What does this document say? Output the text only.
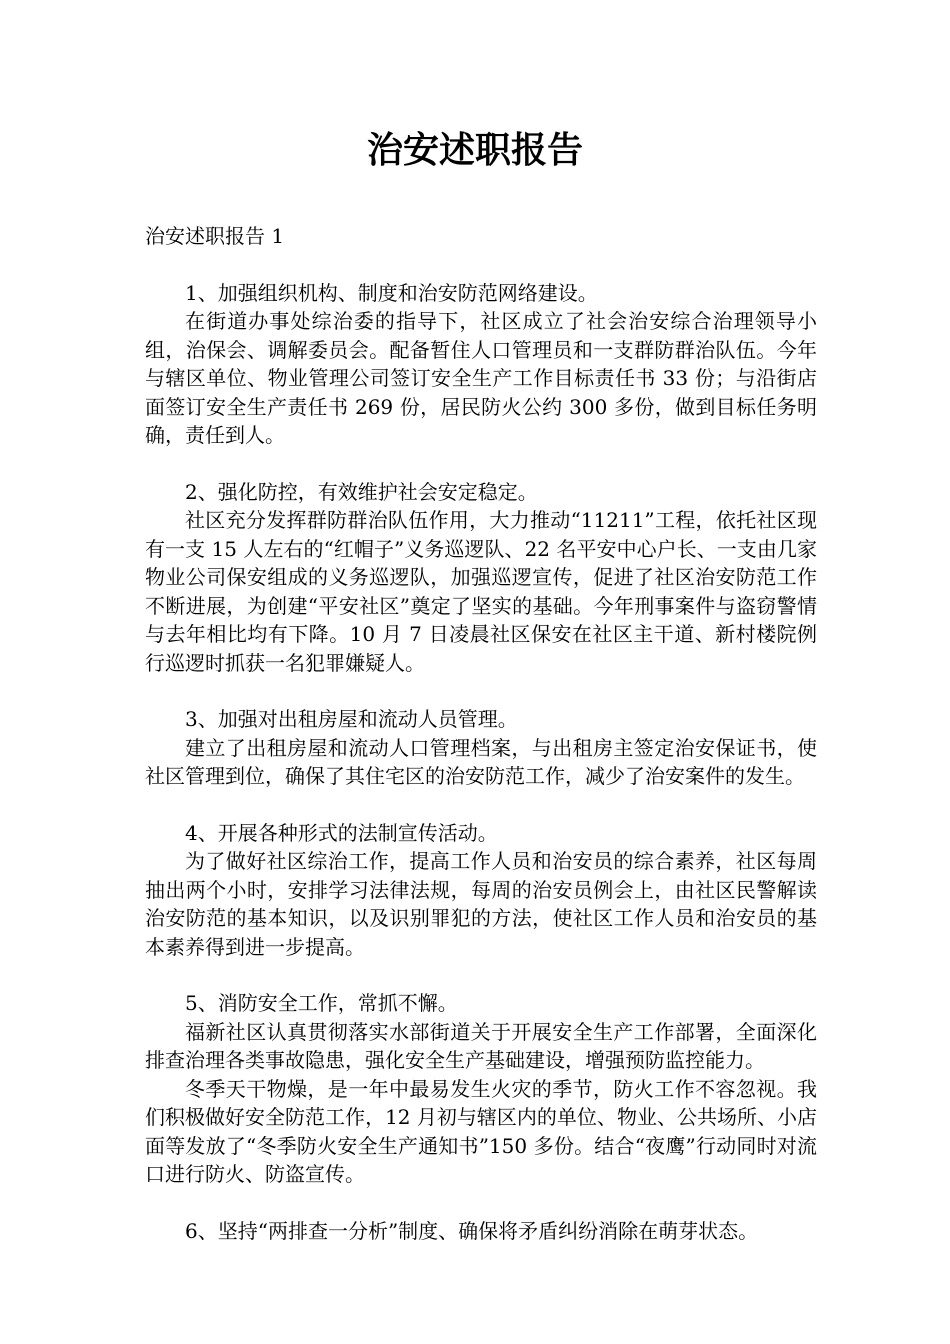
治安述职报告

治安述职报告 1

1、加强组织机构、制度和治安防范网络建设。

在街道办事处综治委的指导下，社区成立了社会治安综合治理领导小组，治保会、调解委员会。配备暂住人口管理员和一支群防群治队伍。今年与辖区单位、物业管理公司签订安全生产工作目标责任书 33 份；与沿街店面签订安全生产责任书 269 份，居民防火公约 300 多份，做到目标任务明确，责任到人。

2、强化防控，有效维护社会安定稳定。

社区充分发挥群防群治队伍作用，大力推动“11211”工程，依托社区现有一支 15 人左右的“红帽子”义务巡逻队、22 名平安中心户长、一支由几家物业公司保安组成的义务巡逻队，加强巡逻宣传，促进了社区治安防范工作不断进展，为创建“平安社区”奠定了坚实的基础。今年刑事案件与盗窃警情与去年相比均有下降。10 月 7 日凌晨社区保安在社区主干道、新村楼院例行巡逻时抓获一名犯罪嫌疑人。

3、加强对出租房屋和流动人员管理。

建立了出租房屋和流动人口管理档案，与出租房主签定治安保证书，使社区管理到位，确保了其住宅区的治安防范工作，减少了治安案件的发生。

4、开展各种形式的法制宣传活动。

为了做好社区综治工作，提高工作人员和治安员的综合素养，社区每周抽出两个小时，安排学习法律法规，每周的治安员例会上，由社区民警解读治安防范的基本知识，以及识别罪犯的方法，使社区工作人员和治安员的基本素养得到进一步提高。

5、消防安全工作，常抓不懈。

福新社区认真贯彻落实水部街道关于开展安全生产工作部署，全面深化排查治理各类事故隐患，强化安全生产基础建设，增强预防监控能力。

冬季天干物燥，是一年中最易发生火灾的季节，防火工作不容忽视。我们积极做好安全防范工作，12 月初与辖区内的单位、物业、公共场所、小店面等发放了“冬季防火安全生产通知书”150 多份。结合“夜鹰”行动同时对流口进行防火、防盗宣传。

6、坚持“两排查一分析”制度、确保将矛盾纠纷消除在萌芽状态。
